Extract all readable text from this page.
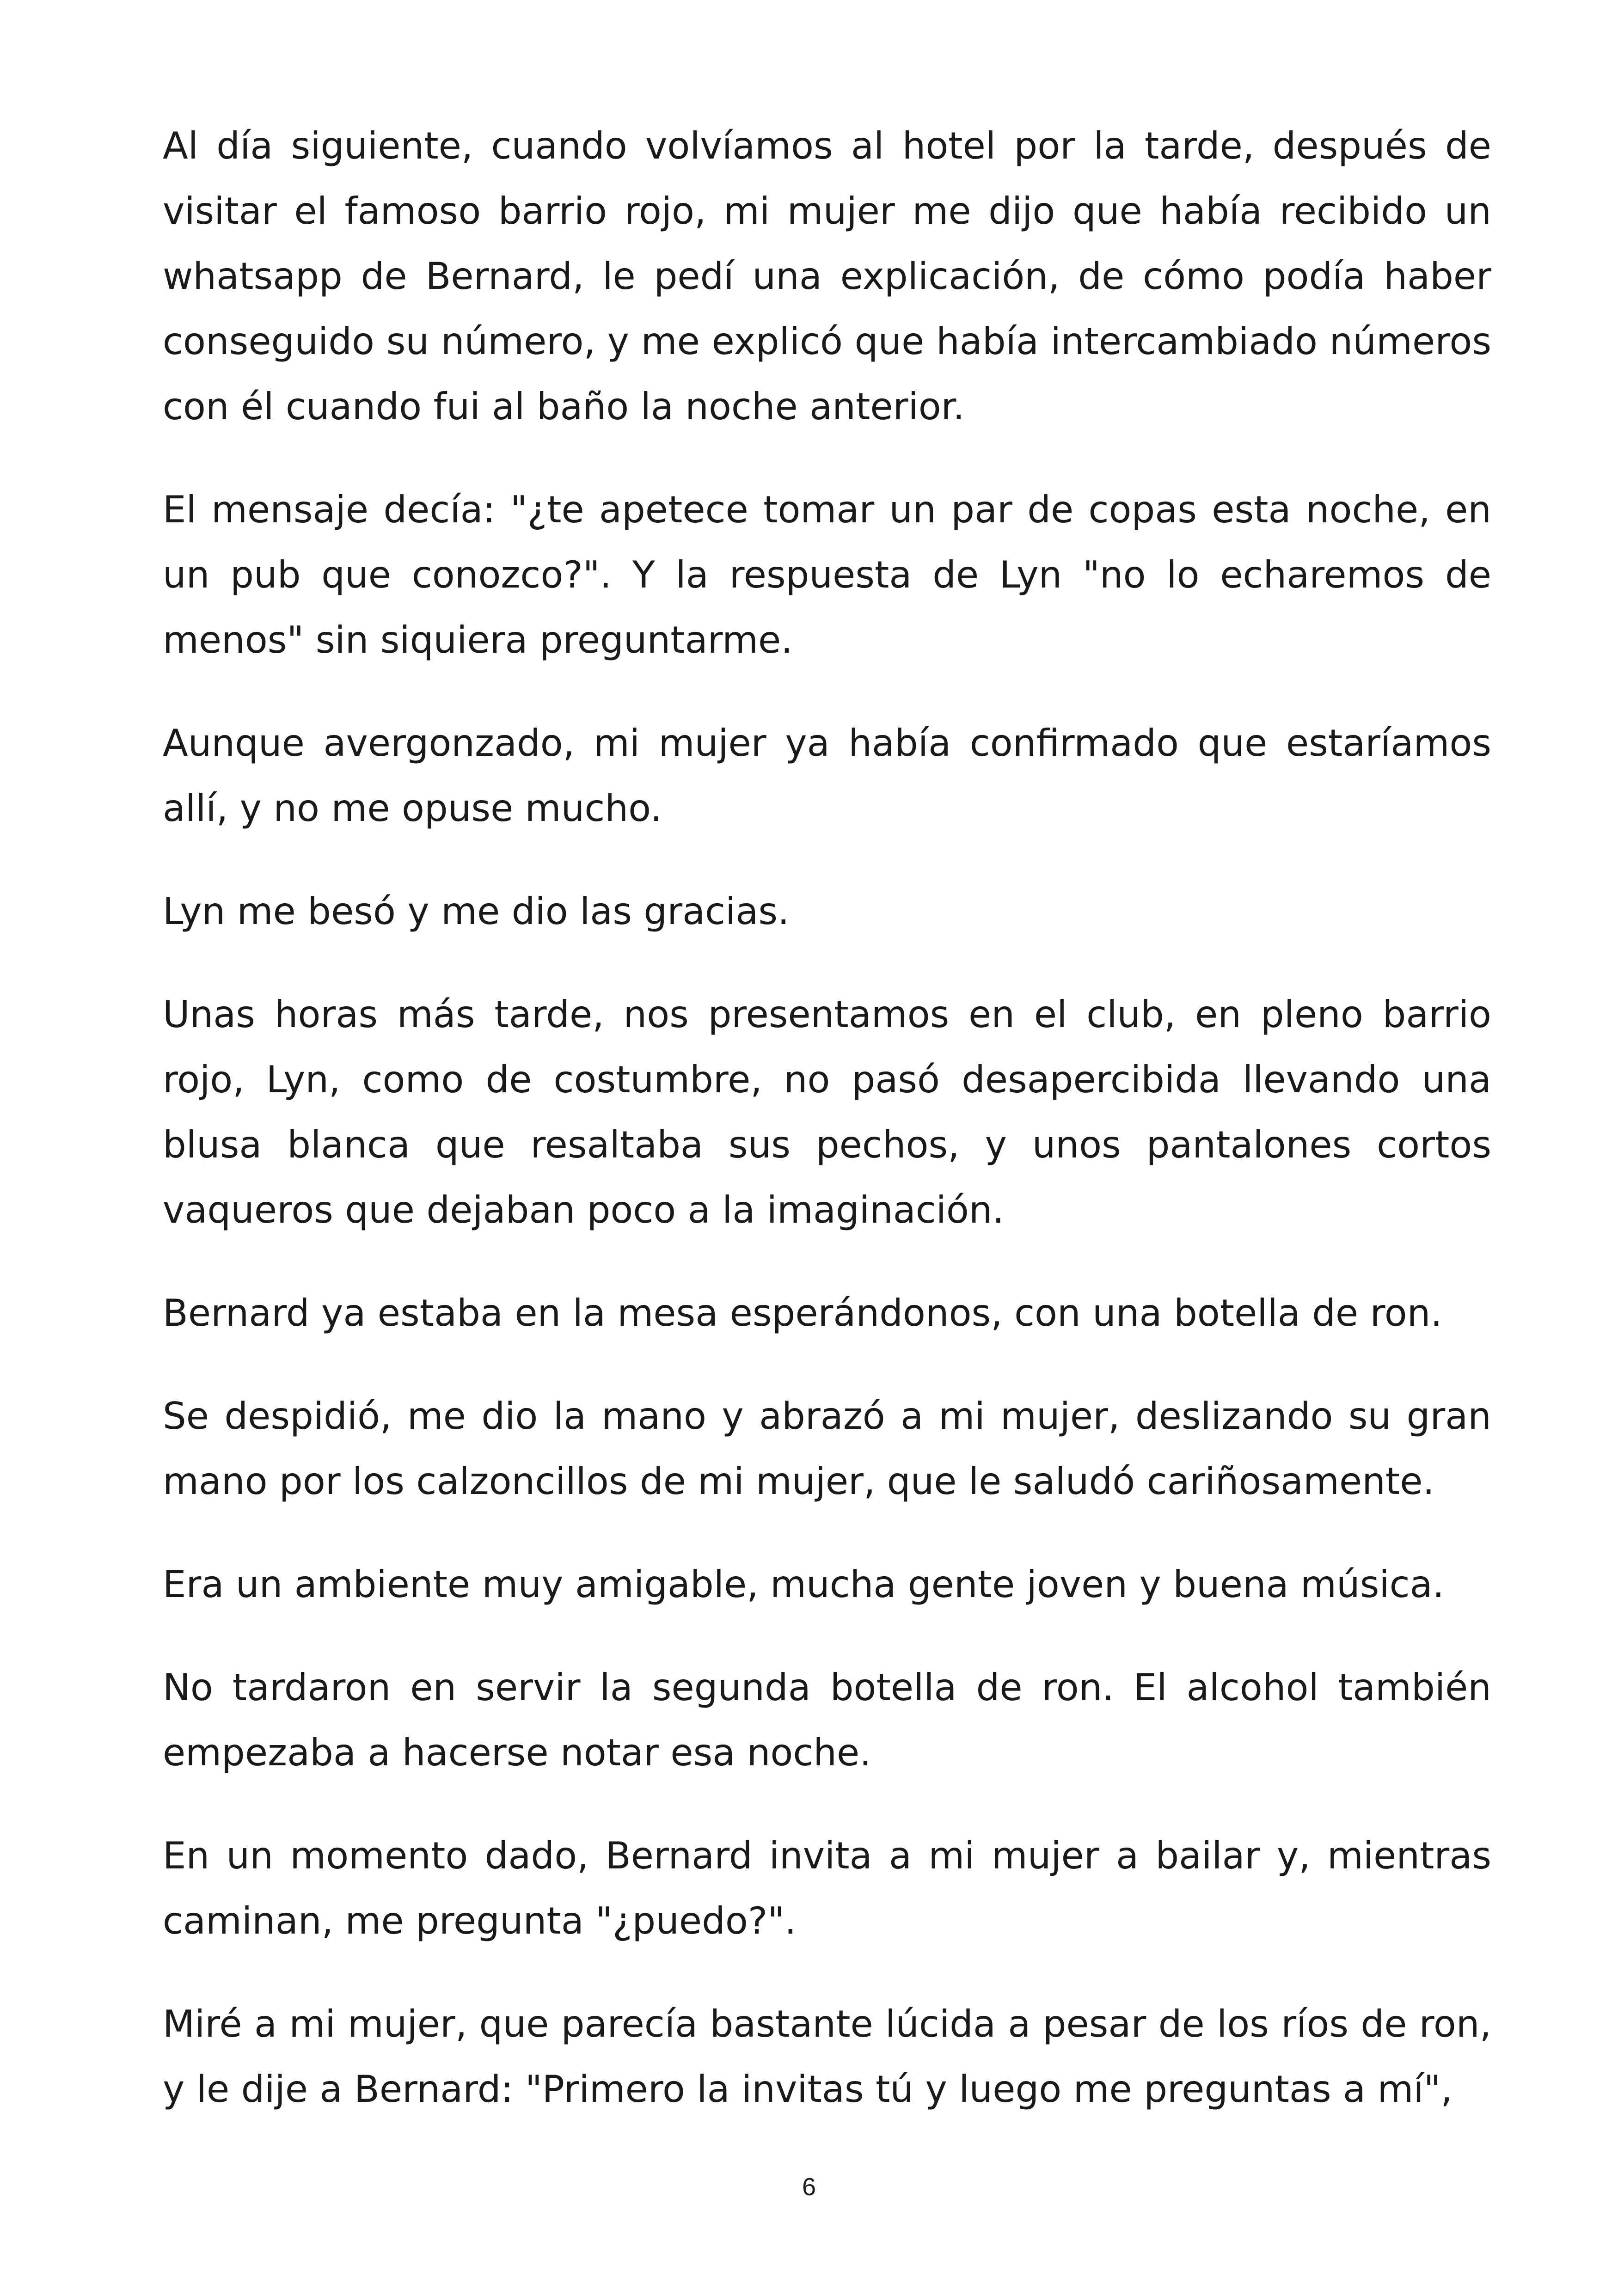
Al día siguiente, cuando volvíamos al hotel por la tarde, después de visitar el famoso barrio rojo, mi mujer me dijo que había recibido un whatsapp de Bernard, le pedí una explicación, de cómo podía haber conseguido su número, y me explicó que había intercambiado números con él cuando fui al baño la noche anterior.

El mensaje decía: "¿te apetece tomar un par de copas esta noche, en un pub que conozco?". Y la respuesta de Lyn "no lo echaremos de menos" sin siquiera preguntarme.

Aunque avergonzado, mi mujer ya había confirmado que estaríamos allí, y no me opuse mucho.

Lyn me besó y me dio las gracias.

Unas horas más tarde, nos presentamos en el club, en pleno barrio rojo, Lyn, como de costumbre, no pasó desapercibida llevando una blusa blanca que resaltaba sus pechos, y unos pantalones cortos vaqueros que dejaban poco a la imaginación.

Bernard ya estaba en la mesa esperándonos, con una botella de ron.

Se despidió, me dio la mano y abrazó a mi mujer, deslizando su gran mano por los calzoncillos de mi mujer, que le saludó cariñosamente.

Era un ambiente muy amigable, mucha gente joven y buena música.

No tardaron en servir la segunda botella de ron. El alcohol también empezaba a hacerse notar esa noche.

En un momento dado, Bernard invita a mi mujer a bailar y, mientras caminan, me pregunta "¿puedo?".

Miré a mi mujer, que parecía bastante lúcida a pesar de los ríos de ron, y le dije a Bernard: "Primero la invitas tú y luego me preguntas a mí",

6
